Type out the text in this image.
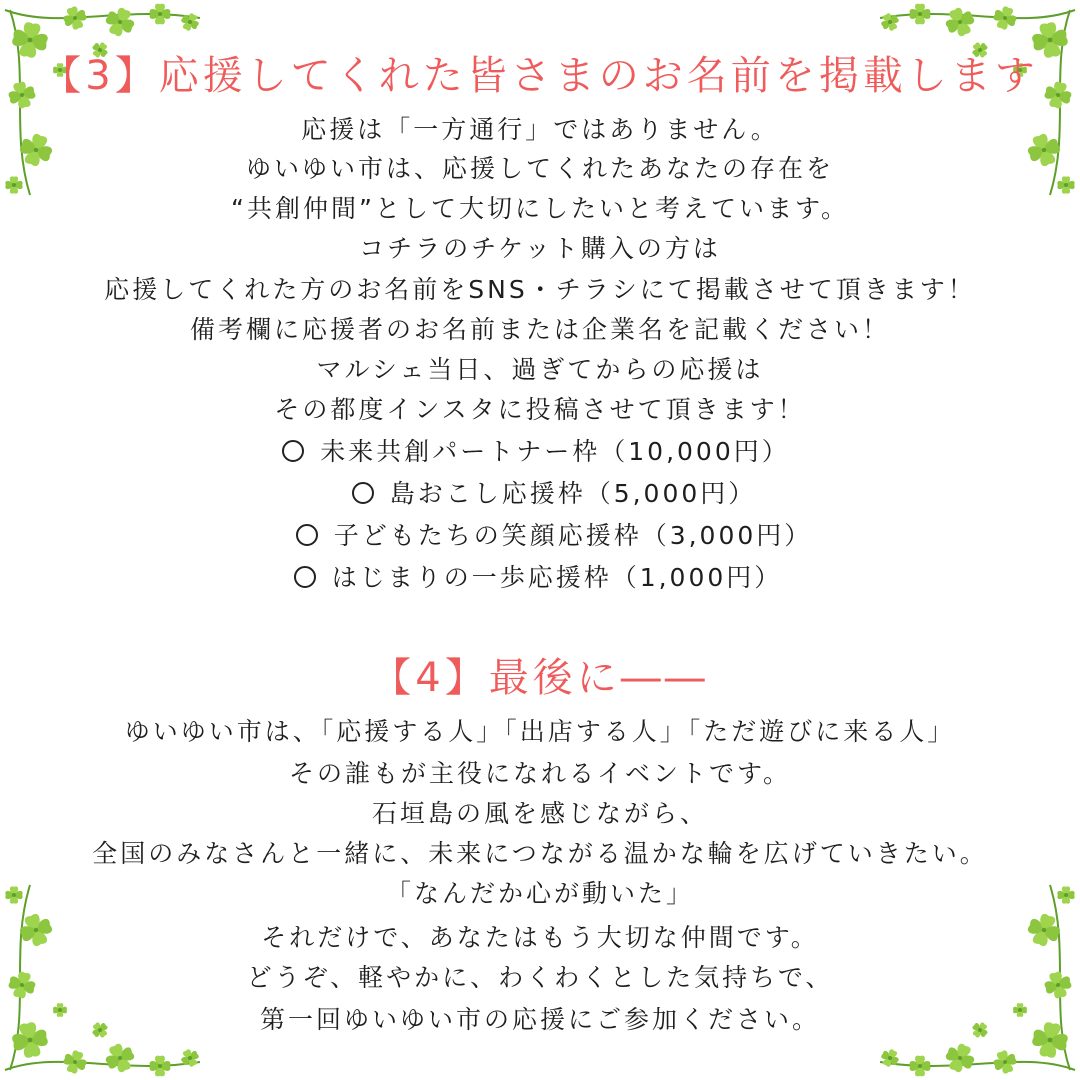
【3】応援してくれた皆さまのお名前を掲載します
応援は「一方通行」ではありません。
ゆいゆい市は、応援してくれたあなたの存在を
“共創仲間”として大切にしたいと考えています。
コチラのチケット購入の方は
応援してくれた方のお名前をSNS・チラシにて掲載させて頂きます！
備考欄に応援者のお名前または企業名を記載ください！
マルシェ当日、過ぎてからの応援は
その都度インスタに投稿させて頂きます！
未来共創パートナー枠（10,000円）
島おこし応援枠（5,000円）
子どもたちの笑顔応援枠（3,000円）
はじまりの一歩応援枠（1,000円）
【4】最後に――
ゆいゆい市は、「応援する人」「出店する人」「ただ遊びに来る人」
その誰もが主役になれるイベントです。
石垣島の風を感じながら、
全国のみなさんと一緒に、未来につながる温かな輪を広げていきたい。
「なんだか心が動いた」
それだけで、あなたはもう大切な仲間です。
どうぞ、軽やかに、わくわくとした気持ちで、
第一回ゆいゆい市の応援にご参加ください。
